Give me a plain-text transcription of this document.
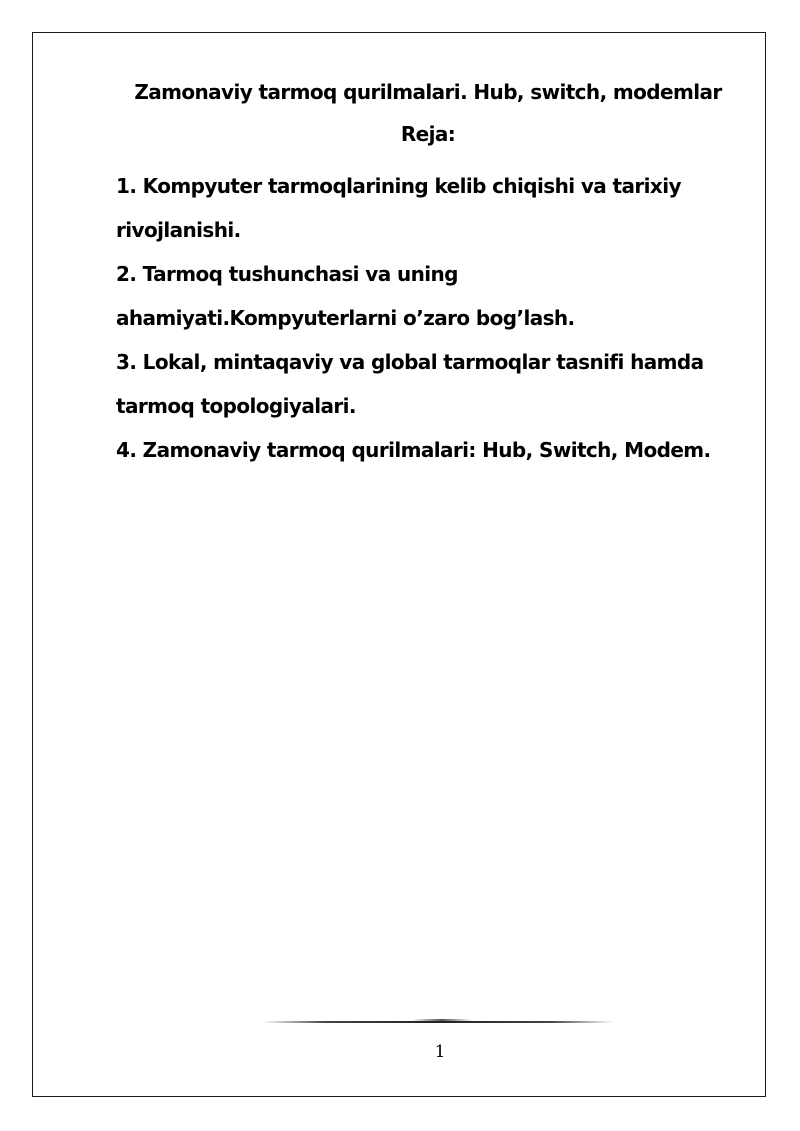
Zamonaviy tarmoq qurilmalari. Hub, switch, modemlar
Reja:
1. Kompyuter tarmoqlarining kelib chiqishi va tarixiy rivojlanishi.
2. Tarmoq tushunchasi va uning ahamiyati.Kompyuterlarni o’zaro bog’lash.
3. Lokal, mintaqaviy va global tarmoqlar tasnifi hamda tarmoq topologiyalari.
4. Zamonaviy tarmoq qurilmalari: Hub, Switch, Modem.
1
